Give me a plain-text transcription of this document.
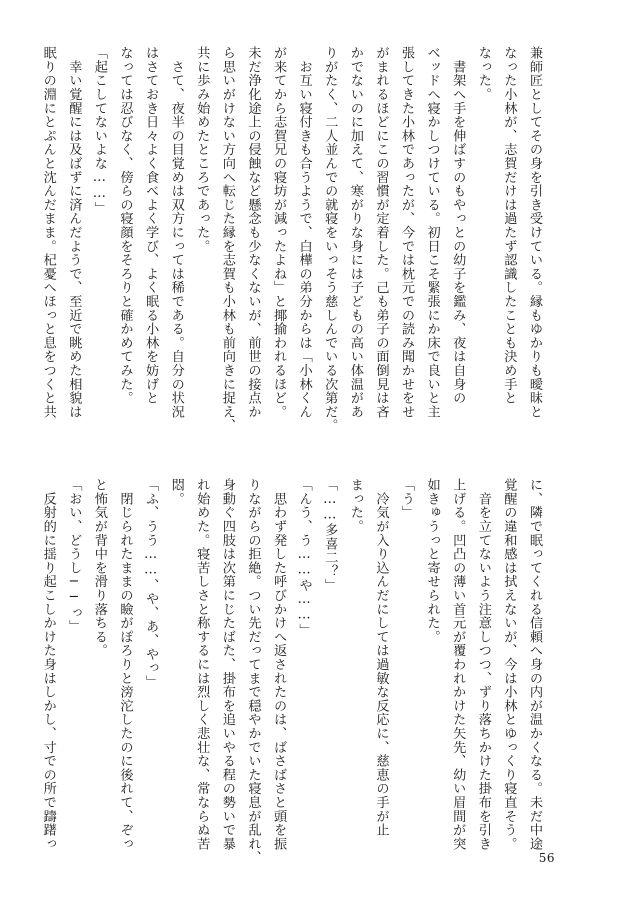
兼師匠としてその身を引き受けている。縁もゆかりも曖昧と
なった小林が、志賀だけは過たず認識したことも決め手と
なった。
　書架へ手を伸ばすのもやっとの幼子を鑑み、夜は自身の
ベッドへ寝かしつけている。初日こそ緊張にか床で良いと主
張してきた小林であったが、今では枕元での読み聞かせをせ
がまれるほどにこの習慣が定着した。己も弟子の面倒見は吝
かでないのに加えて、寒がりな身には子どもの高い体温があ
りがたく、二人並んでの就寝をいっそう慈しんでいる次第だ。
　お互い寝付きも合うようで、白樺の弟分からは「小林くん
が来てから志賀兄の寝坊が減ったよね」と揶揄われるほど。
未だ浄化途上の侵蝕など懸念も少なくないが、前世の接点か
ら思いがけない方向へ転じた縁を志賀も小林も前向きに捉え、
共に歩み始めたところであった。
　さて、夜半の目覚めは双方にっては稀である。自分の状況
はさておき日々よく食べよく学び、よく眠る小林を妨げと
なっては忍びなく、傍らの寝顔をそろりと確かめてみた。
「起こしてないよな……」
　幸い覚醒には及ばずに済んだようで、至近で眺めた相貌は
眠りの淵にとぷんと沈んだまま。杞憂へほっと息をつくと共
に、隣で眠ってくれる信頼へ身の内が温かくなる。未だ中途
覚醒の違和感は拭えないが、今は小林とゆっくり寝直そう。
　音を立てないよう注意しつつ、ずり落ちかけた掛布を引き
上げる。凹凸の薄い首元が覆われかけた矢先、幼い眉間が突
如きゅうっと寄せられた。
「う」
　冷気が入り込んだにしては過敏な反応に、慈恵の手が止
まった。
「……多喜二？」
「んう、う……や……」
　思わず発した呼びかけへ返されたのは、ばさばさと頭を振
りながらの拒絶。つい先だってまで穏やかでいた寝息が乱れ、
身動ぐ四肢は次第にじたばた、掛布を追いやる程の勢いで暴
れ始めた。寝苦しさと称するには烈しく悲壮な、常ならぬ苦
悶。
「ふ、うう……、や、あ、やっ」
　閉じられたままの瞼がぽろりと滂沱したのに後れて、ぞっ
と怖気が背中を滑り落ちる。
「おい、どうし──っ」
　反射的に揺り起こしかけた身はしかし、寸での所で躊躇っ
56
